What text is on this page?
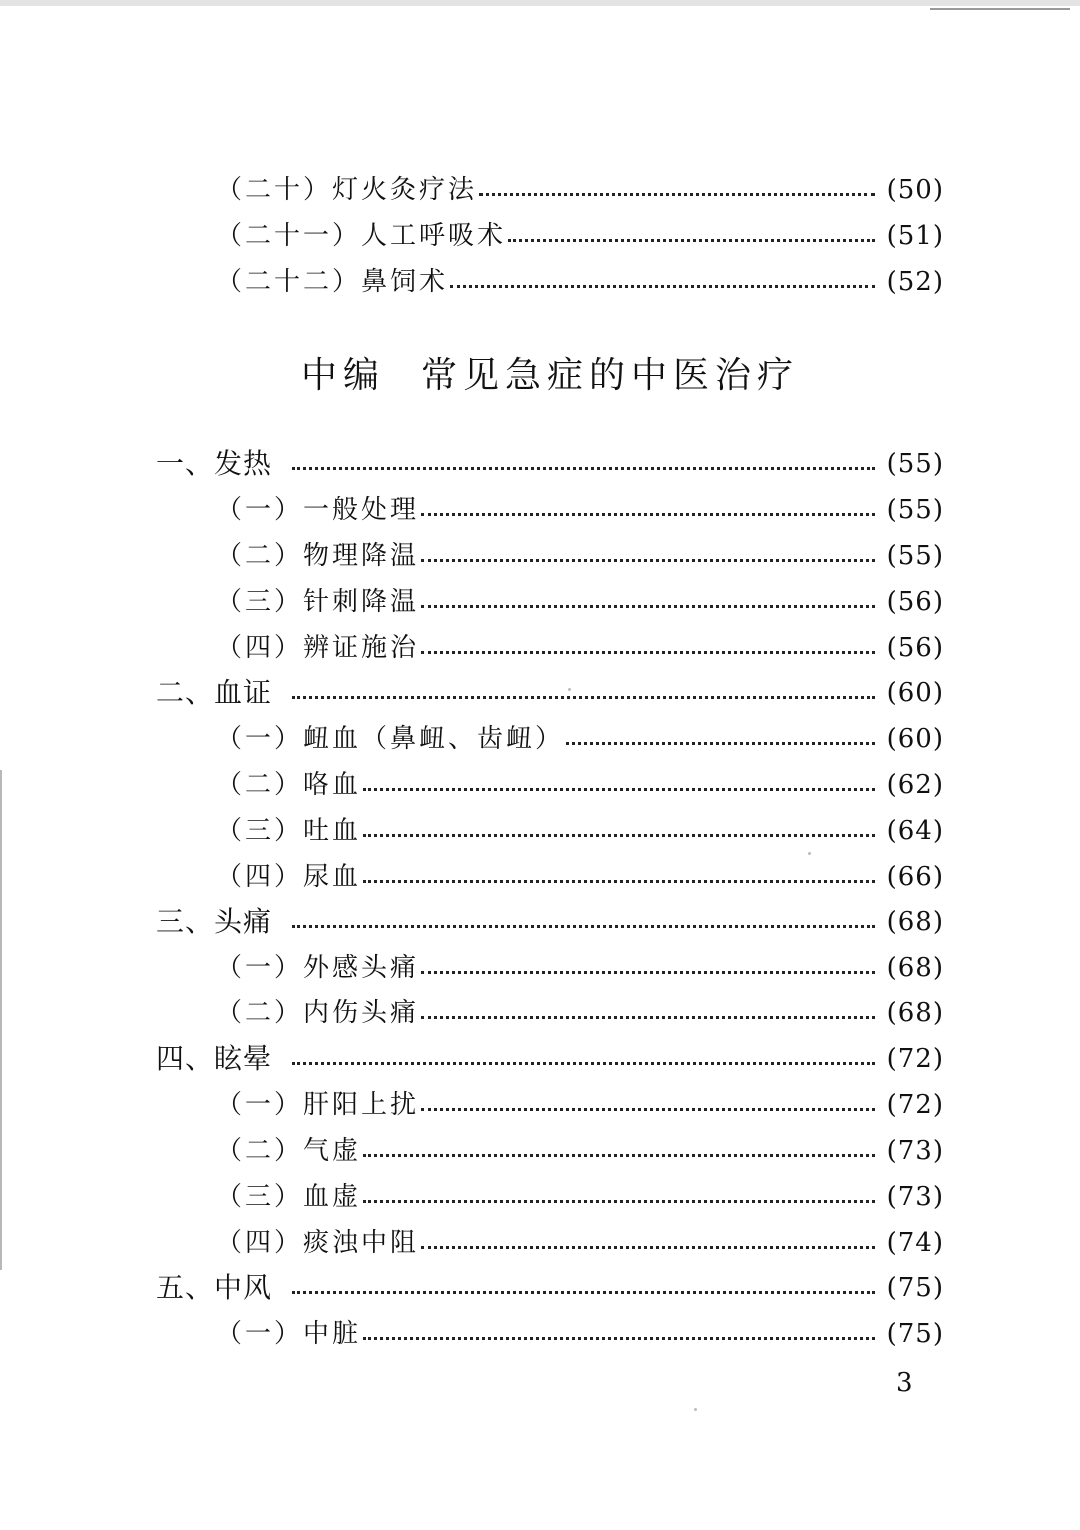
（二十）灯火灸疗法	(50)
（二十一）人工呼吸术	(51)
（二十二）鼻饲术	(52)
中编 常见急症的中医治疗
一、发热	(55)
（一）一般处理	(55)
（二）物理降温	(55)
（三）针刺降温	(56)
（四）辨证施治	(56)
二、血证	(60)
（一）衄血（鼻衄、齿衄）	(60)
（二）咯血	(62)
（三）吐血	(64)
（四）尿血	(66)
三、头痛	(68)
（一）外感头痛	(68)
（二）内伤头痛	(68)
四、眩晕	(72)
（一）肝阳上扰	(72)
（二）气虚	(73)
（三）血虚	(73)
（四）痰浊中阻	(74)
五、中风	(75)
（一）中脏	(75)
3
